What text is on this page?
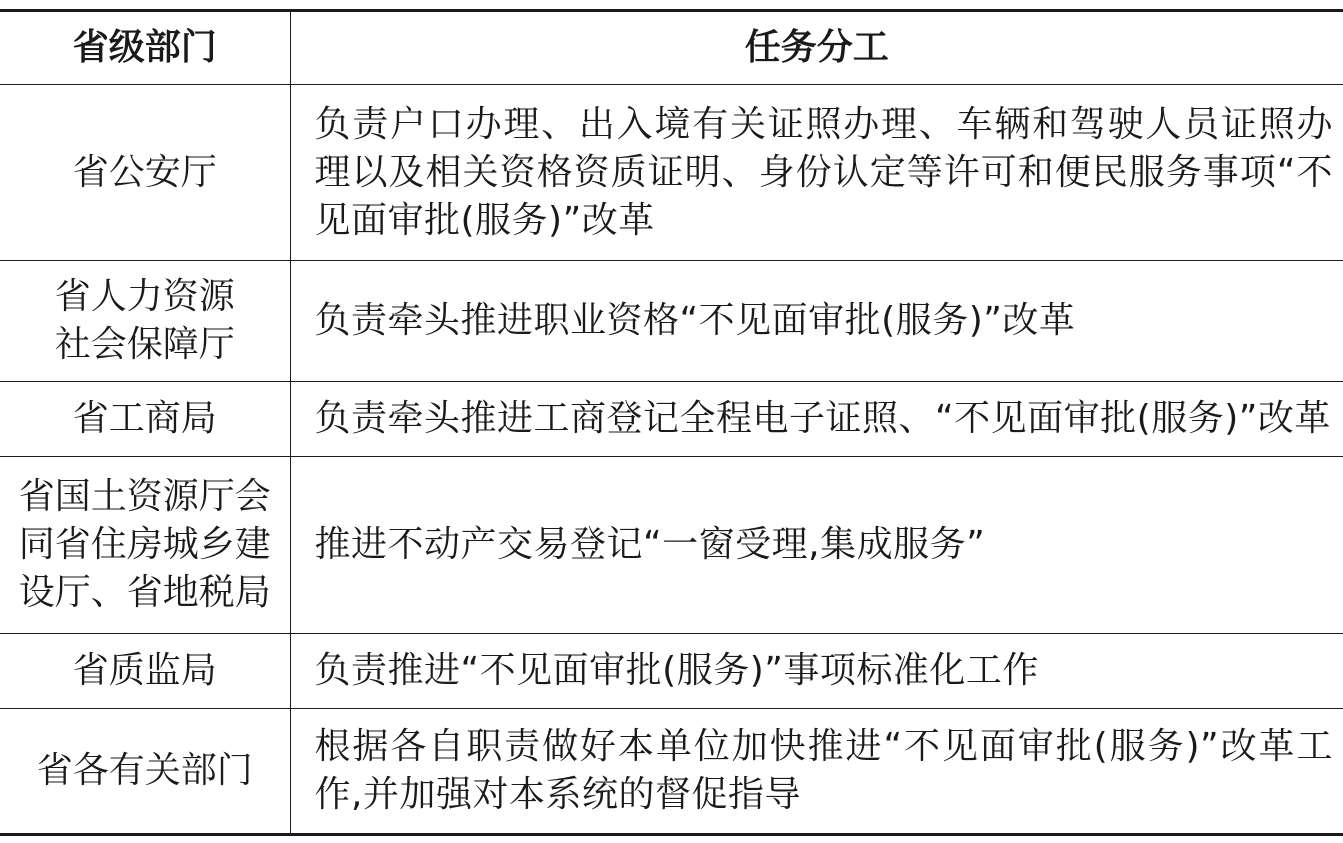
省级部门	任务分工

省公安厅	负责户口办理、出入境有关证照办理、车辆和驾驶人员证照办理以及相关资格资质证明、身份认定等许可和便民服务事项“不见面审批(服务)”改革

省人力资源
社会保障厅	负责牵头推进职业资格“不见面审批(服务)”改革

省工商局	负责牵头推进工商登记全程电子证照、“不见面审批(服务)”改革

省国土资源厅会
同省住房城乡建
设厅、省地税局	推进不动产交易登记“一窗受理,集成服务”

省质监局	负责推进“不见面审批(服务)”事项标准化工作

省各有关部门	根据各自职责做好本单位加快推进“不见面审批(服务)”改革工作,并加强对本系统的督促指导
